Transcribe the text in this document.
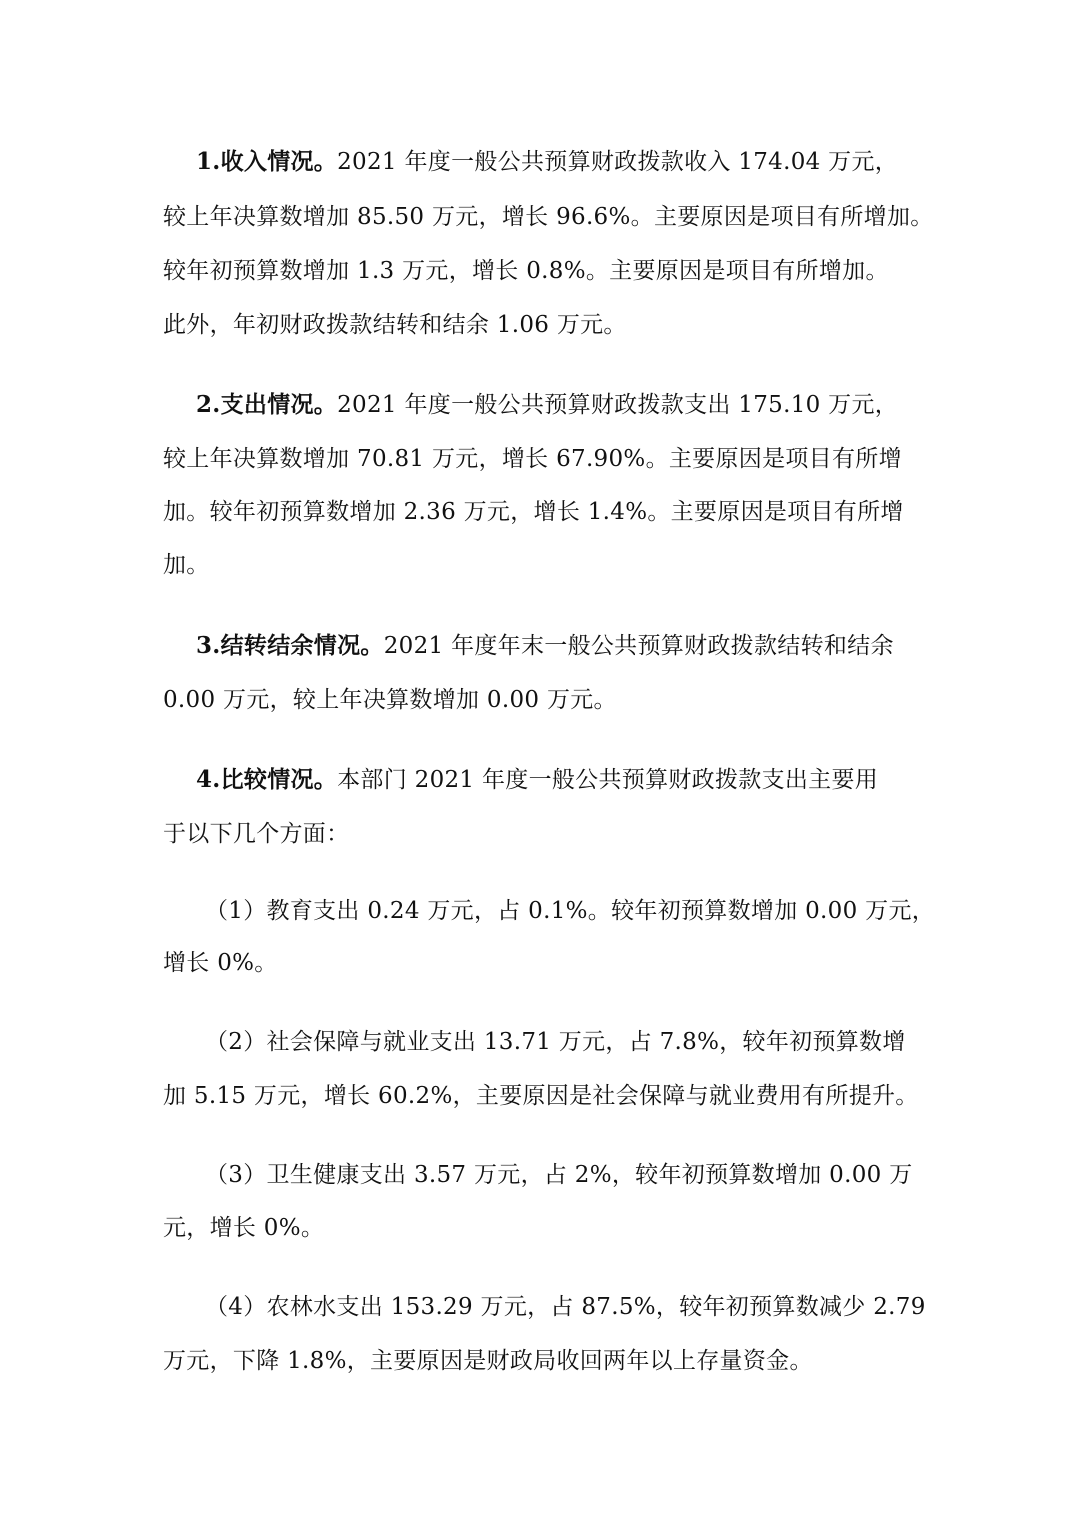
1.收入情况。2021 年度一般公共预算财政拨款收入 174.04 万元，
较上年决算数增加 85.50 万元，增长 96.6%。主要原因是项目有所增加。
较年初预算数增加 1.3 万元，增长 0.8%。主要原因是项目有所增加。
此外，年初财政拨款结转和结余 1.06 万元。
2.支出情况。2021 年度一般公共预算财政拨款支出 175.10 万元，
较上年决算数增加 70.81 万元，增长 67.90%。主要原因是项目有所增
加。较年初预算数增加 2.36 万元，增长 1.4%。主要原因是项目有所增
加。
3.结转结余情况。2021 年度年末一般公共预算财政拨款结转和结余
0.00 万元，较上年决算数增加 0.00 万元。
4.比较情况。本部门 2021 年度一般公共预算财政拨款支出主要用
于以下几个方面：
（1）教育支出 0.24 万元，占 0.1%。较年初预算数增加 0.00 万元，
增长 0%。
（2）社会保障与就业支出 13.71 万元，占 7.8%，较年初预算数增
加 5.15 万元，增长 60.2%，主要原因是社会保障与就业费用有所提升。
（3）卫生健康支出 3.57 万元，占 2%，较年初预算数增加 0.00 万
元，增长 0%。
（4）农林水支出 153.29 万元，占 87.5%，较年初预算数减少 2.79
万元，下降 1.8%，主要原因是财政局收回两年以上存量资金。
